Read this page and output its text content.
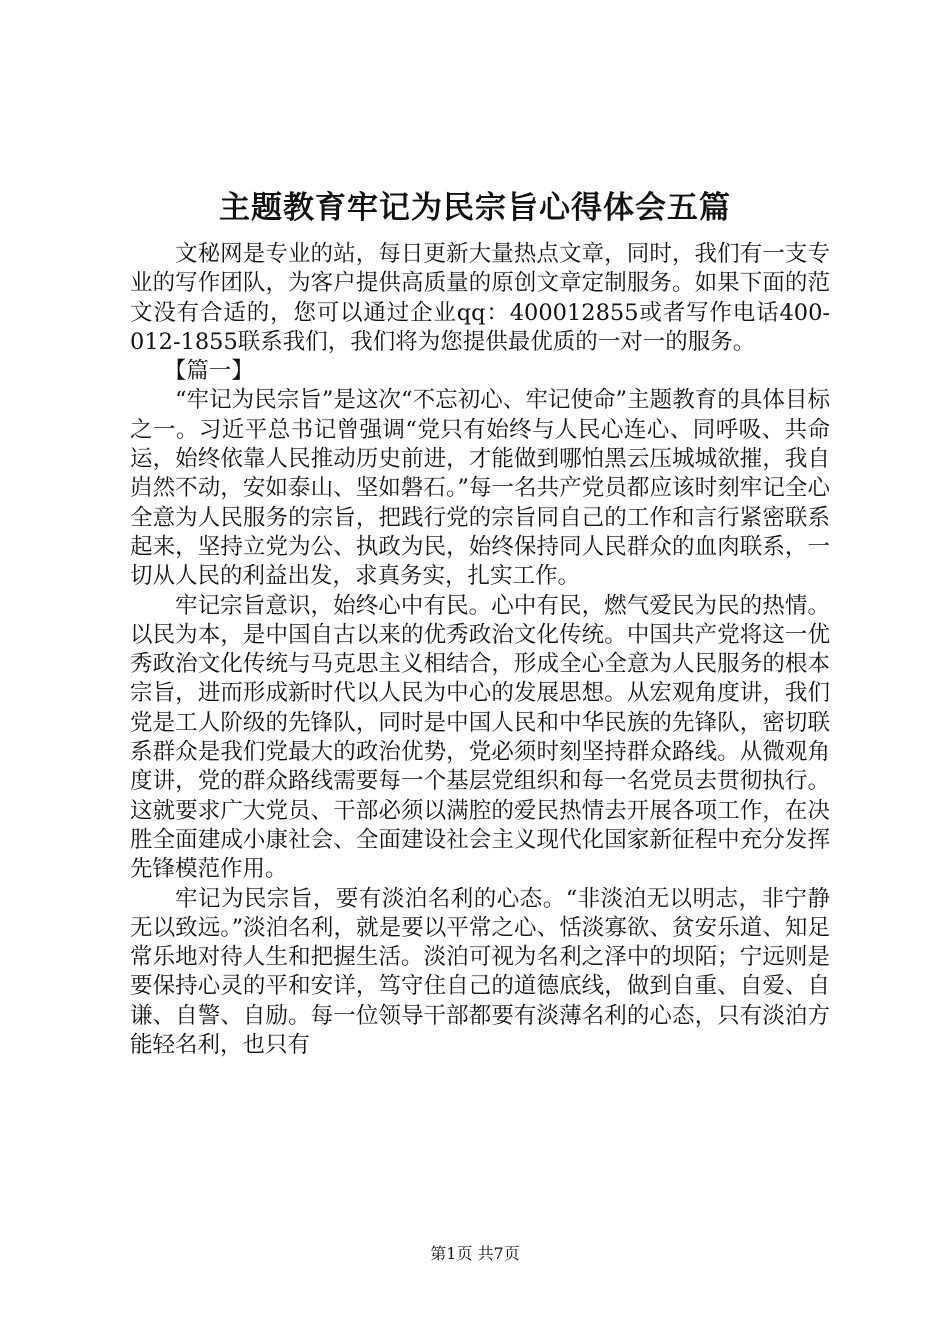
主题教育牢记为民宗旨心得体会五篇

文秘网是专业的站，每日更新大量热点文章，同时，我们有一支专业的写作团队，为客户提供高质量的原创文章定制服务。如果下面的范文没有合适的，您可以通过企业qq：400012855或者写作电话400-012-1855联系我们，我们将为您提供最优质的一对一的服务。

【篇一】

“牢记为民宗旨”是这次“不忘初心、牢记使命”主题教育的具体目标之一。习近平总书记曾强调“党只有始终与人民心连心、同呼吸、共命运，始终依靠人民推动历史前进，才能做到哪怕黑云压城城欲摧，我自岿然不动，安如泰山、坚如磐石。”每一名共产党员都应该时刻牢记全心全意为人民服务的宗旨，把践行党的宗旨同自己的工作和言行紧密联系起来，坚持立党为公、执政为民，始终保持同人民群众的血肉联系，一切从人民的利益出发，求真务实，扎实工作。

牢记宗旨意识，始终心中有民。心中有民，燃气爱民为民的热情。以民为本，是中国自古以来的优秀政治文化传统。中国共产党将这一优秀政治文化传统与马克思主义相结合，形成全心全意为人民服务的根本宗旨，进而形成新时代以人民为中心的发展思想。从宏观角度讲，我们党是工人阶级的先锋队，同时是中国人民和中华民族的先锋队，密切联系群众是我们党最大的政治优势，党必须时刻坚持群众路线。从微观角度讲，党的群众路线需要每一个基层党组织和每一名党员去贯彻执行。这就要求广大党员、干部必须以满腔的爱民热情去开展各项工作，在决胜全面建成小康社会、全面建设社会主义现代化国家新征程中充分发挥先锋模范作用。

牢记为民宗旨，要有淡泊名利的心态。“非淡泊无以明志，非宁静无以致远。”淡泊名利，就是要以平常之心、恬淡寡欲、贫安乐道、知足常乐地对待人生和把握生活。淡泊可视为名利之泽中的坝陌；宁远则是要保持心灵的平和安详，笃守住自己的道德底线，做到自重、自爱、自谦、自警、自励。每一位领导干部都要有淡薄名利的心态，只有淡泊方能轻名利，也只有

第1页 共7页
